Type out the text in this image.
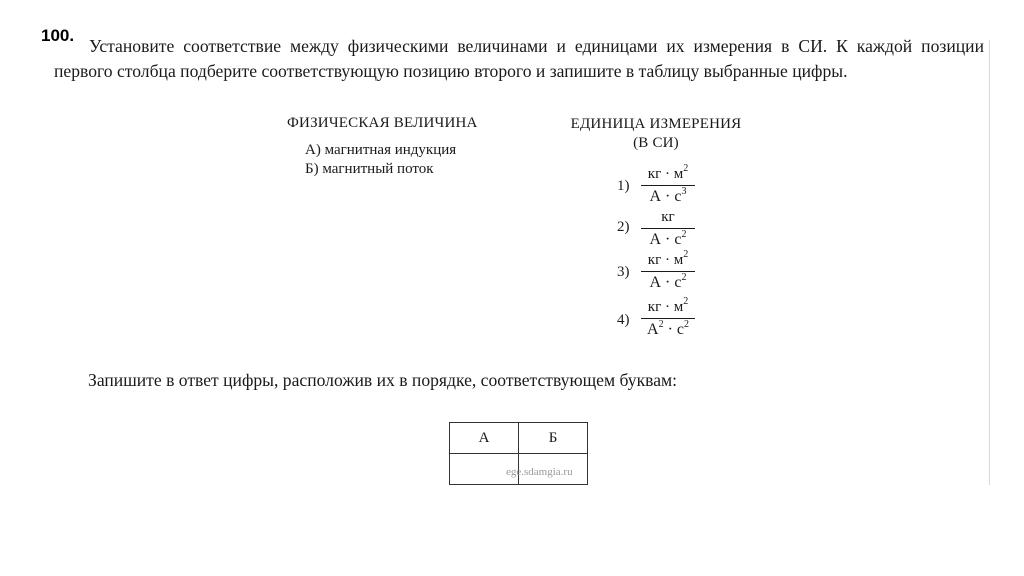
100.

Установите соответствие между физическими величинами и единицами их измерения в СИ. К каждой позиции первого столбца подберите соответствующую позицию второго и запишите в таблицу выбранные цифры.

ФИЗИЧЕСКАЯ ВЕЛИЧИНА	ЕДИНИЦА ИЗМЕРЕНИЯ
(В СИ)

А) магнитная индукция

Б) магнитный поток

1)
кг · $м^2$
$А \cdot с^3$
2)
кг
$А \cdot с^2$
3)
кг · $м^2$
$А \cdot с^2$
4)
кг · $м^2$
$А^2 \cdot с^2$

Запишите в ответ цифры, расположив их в порядке, соответствующем буквам:

А	Б

ege.sdamgia.ru
